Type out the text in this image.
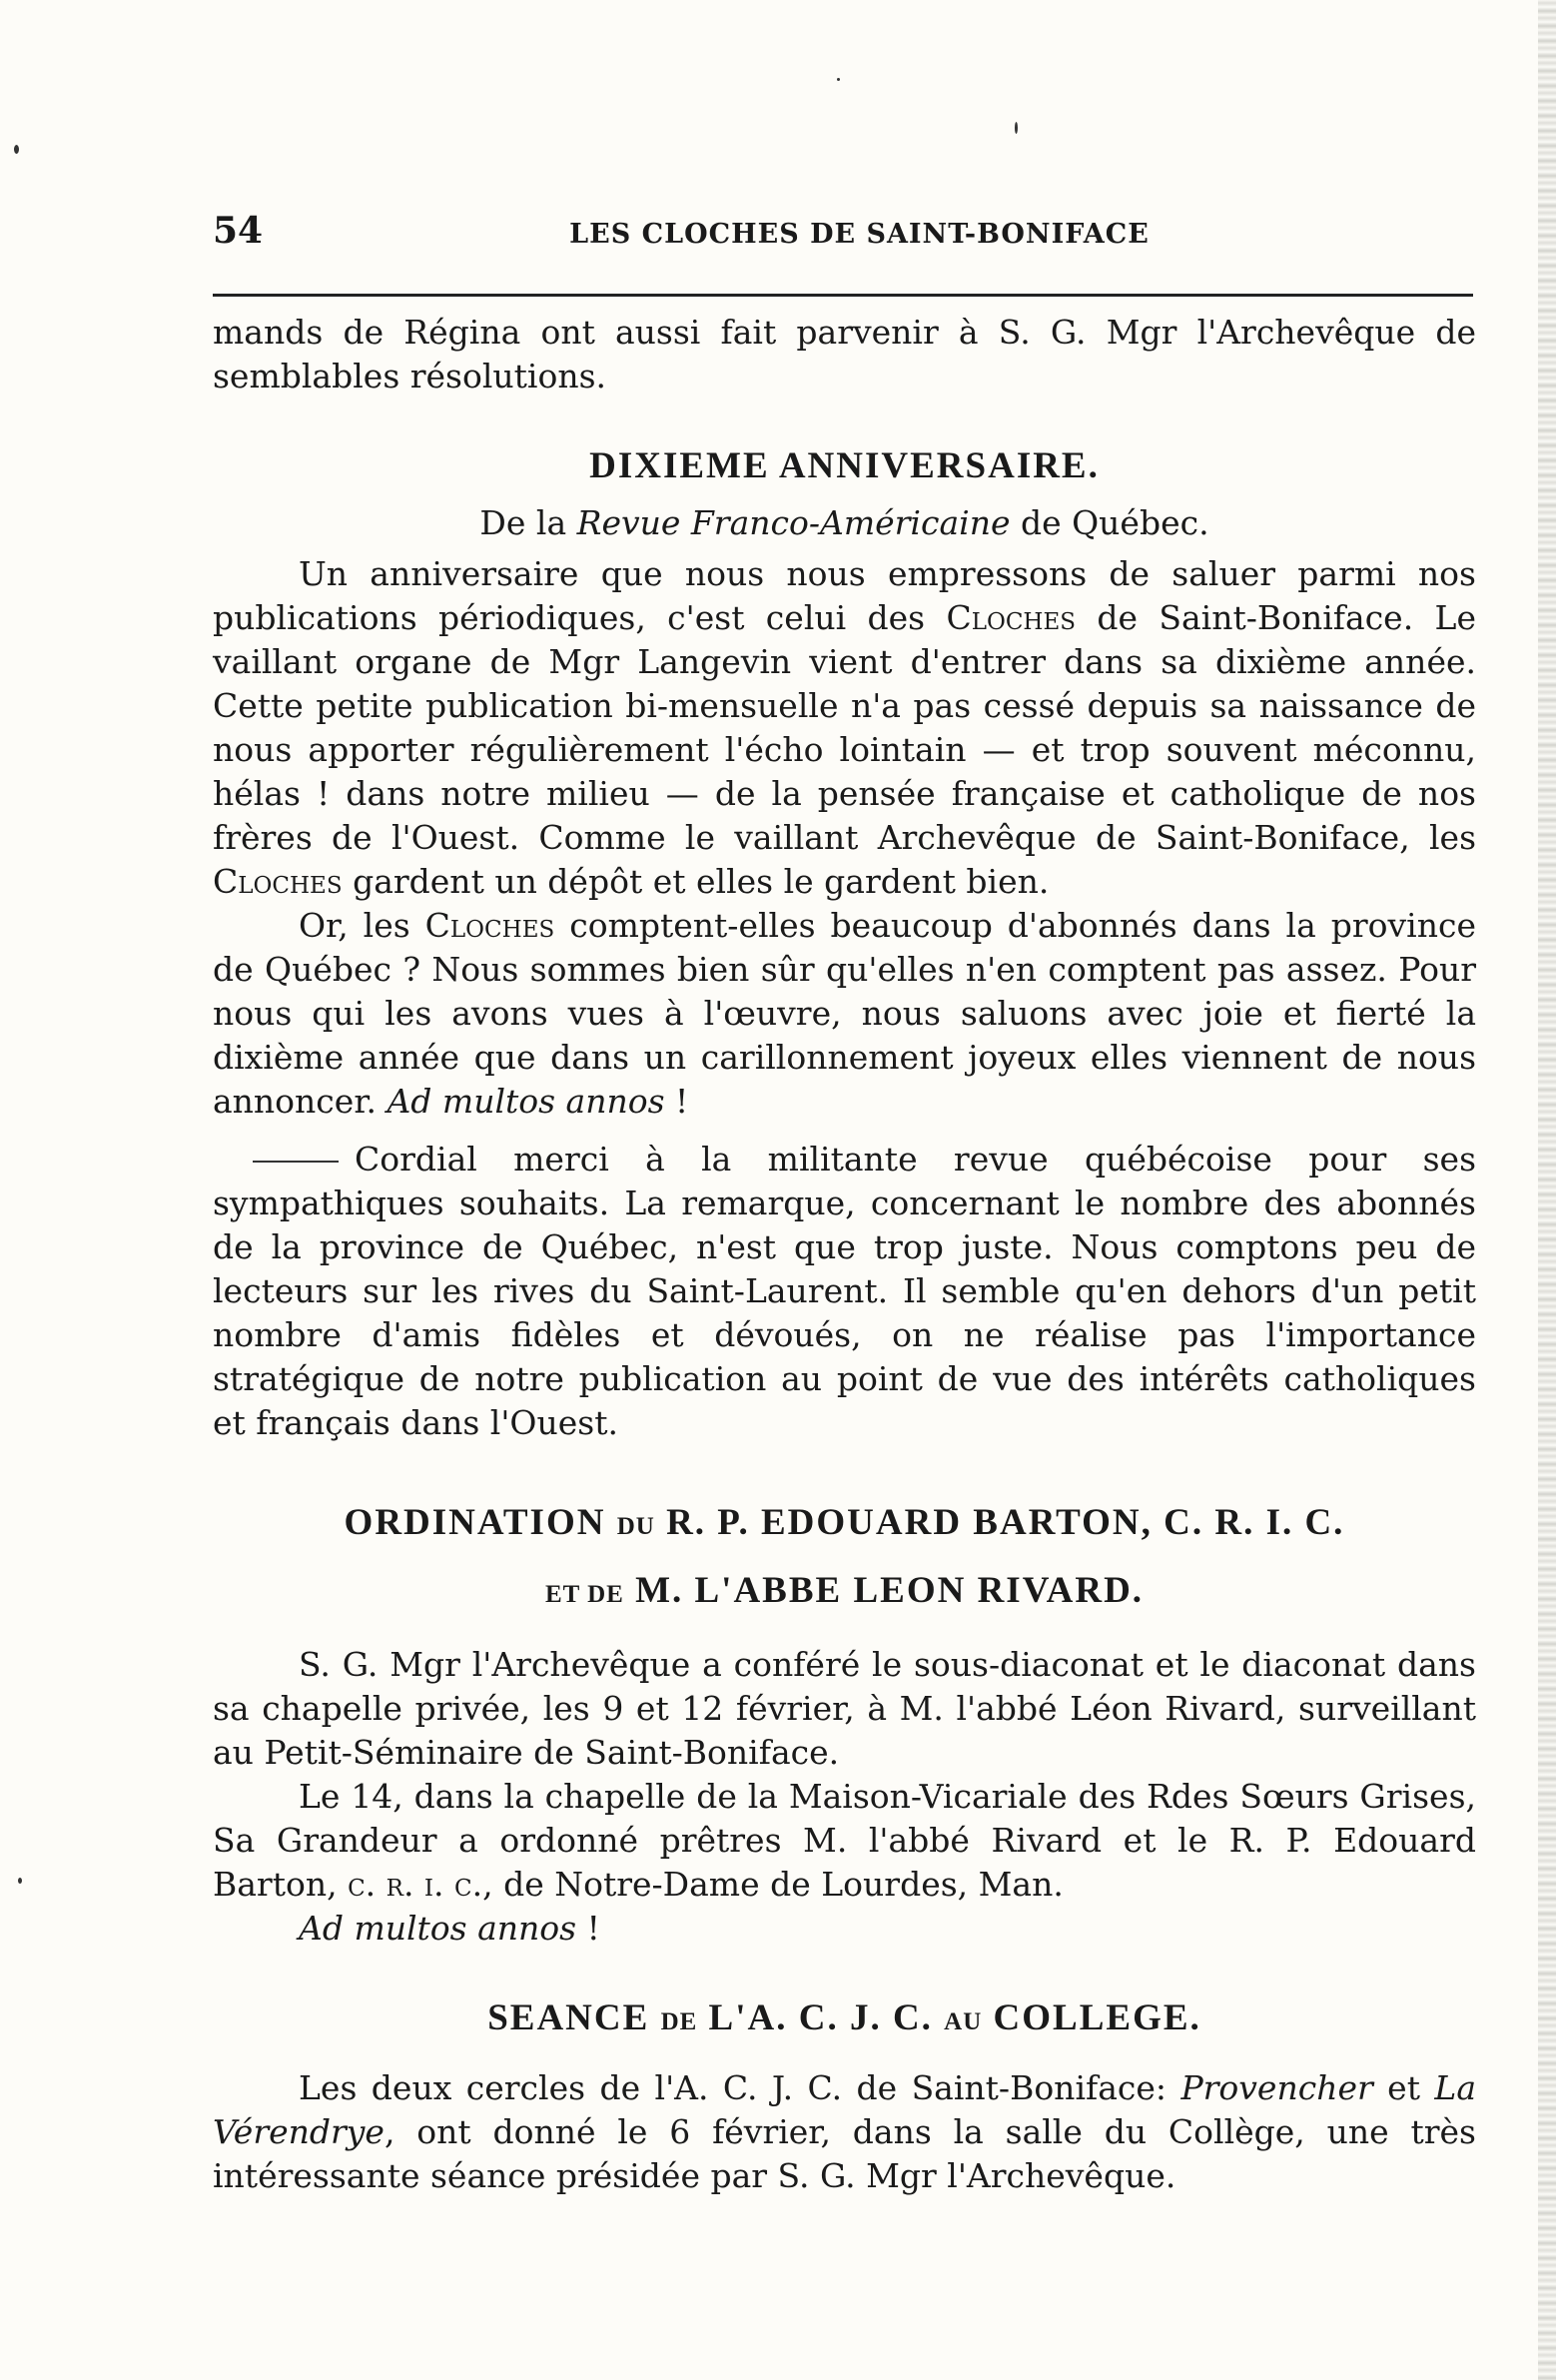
54	LES CLOCHES DE SAINT-BONIFACE

mands de Régina ont aussi fait parvenir à S. G. Mgr l'Archevêque de semblables résolutions.

DIXIEME ANNIVERSAIRE.
De la Revue Franco-Américaine de Québec.

Un anniversaire que nous nous empressons de saluer parmi nos publications périodiques, c'est celui des Cloches de Saint-Boniface. Le vaillant organe de Mgr Langevin vient d'entrer dans sa dixième année. Cette petite publication bi-mensuelle n'a pas cessé depuis sa naissance de nous apporter régulièrement l'écho lointain — et trop souvent méconnu, hélas ! dans notre milieu — de la pensée française et catholique de nos frères de l'Ouest. Comme le vaillant Archevêque de Saint-Boniface, les Cloches gardent un dépôt et elles le gardent bien.

Or, les Cloches comptent-elles beaucoup d'abonnés dans la province de Québec ? Nous sommes bien sûr qu'elles n'en comptent pas assez. Pour nous qui les avons vues à l'œuvre, nous saluons avec joie et fierté la dixième année que dans un carillonnement joyeux elles viennent de nous annoncer. Ad multos annos !

Cordial merci à la militante revue québécoise pour ses sympathiques souhaits. La remarque, concernant le nombre des abonnés de la province de Québec, n'est que trop juste. Nous comptons peu de lecteurs sur les rives du Saint-Laurent. Il semble qu'en dehors d'un petit nombre d'amis fidèles et dévoués, on ne réalise pas l'importance stratégique de notre publication au point de vue des intérêts catholiques et français dans l'Ouest.

ORDINATION DU R. P. EDOUARD BARTON, C. R. I. C.
ET DE M. L'ABBE LEON RIVARD.

S. G. Mgr l'Archevêque a conféré le sous-diaconat et le diaconat dans sa chapelle privée, les 9 et 12 février, à M. l'abbé Léon Rivard, surveillant au Petit-Séminaire de Saint-Boniface.

Le 14, dans la chapelle de la Maison-Vicariale des Rdes Sœurs Grises, Sa Grandeur a ordonné prêtres M. l'abbé Rivard et le R. P. Edouard Barton, c. r. i. c., de Notre-Dame de Lourdes, Man.

Ad multos annos !

SEANCE DE L'A. C. J. C. AU COLLEGE.

Les deux cercles de l'A. C. J. C. de Saint-Boniface: Provencher et La Vérendrye, ont donné le 6 février, dans la salle du Collège, une très intéressante séance présidée par S. G. Mgr l'Archevêque.
